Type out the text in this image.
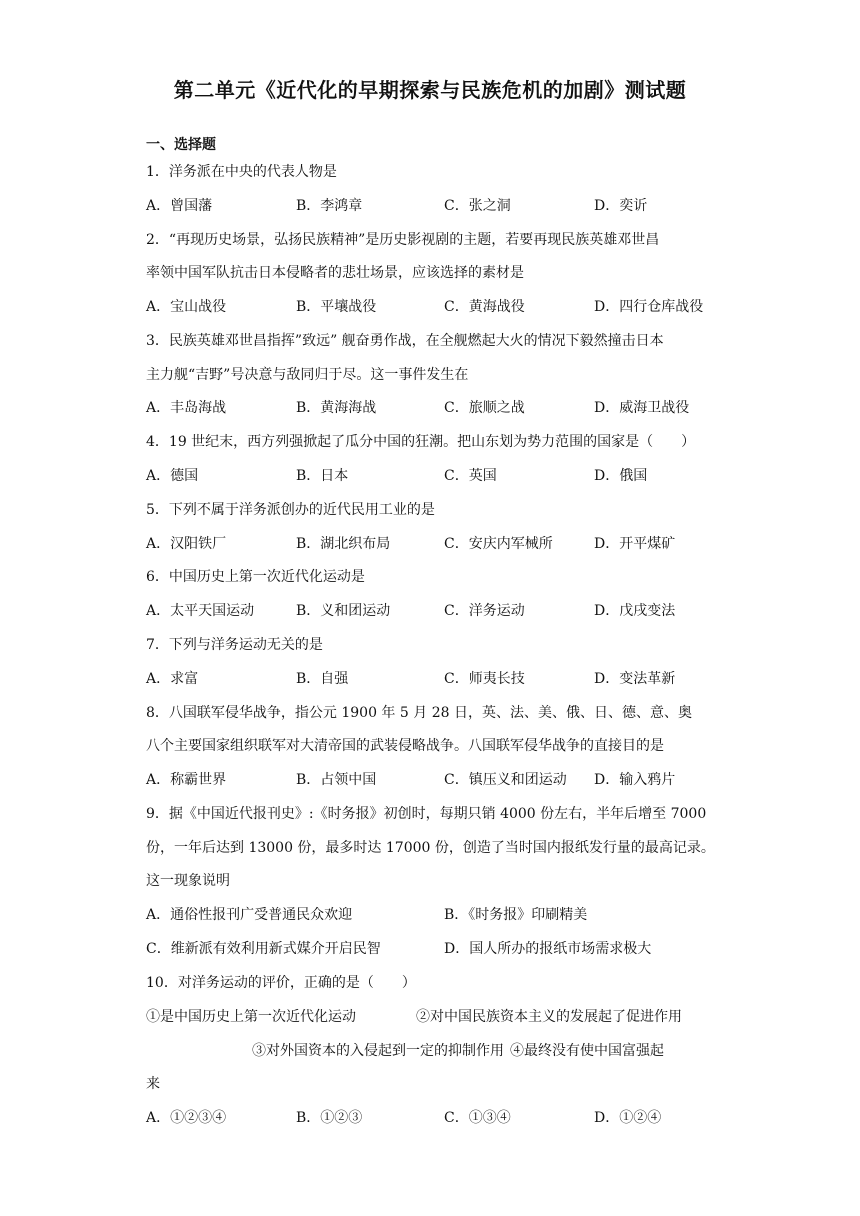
第二单元《近代化的早期探索与民族危机的加剧》测试题
一、选择题
1．洋务派在中央的代表人物是
A．曾国藩	B．李鸿章	C．张之洞	D．奕䜣
2．“再现历史场景，弘扬民族精神”是历史影视剧的主题，若要再现民族英雄邓世昌
率领中国军队抗击日本侵略者的悲壮场景，应该选择的素材是
A．宝山战役	B．平壤战役	C．黄海战役	D．四行仓库战役
3．民族英雄邓世昌指挥”致远” 舰奋勇作战，在全舰燃起大火的情况下毅然撞击日本
主力舰“吉野”号决意与敌同归于尽。这一事件发生在
A．丰岛海战	B．黄海海战	C．旅顺之战	D．威海卫战役
4．19 世纪末，西方列强掀起了瓜分中国的狂潮。把山东划为势力范围的国家是（　　）
A．德国	B．日本	C．英国	D．俄国
5．下列不属于洋务派创办的近代民用工业的是
A．汉阳铁厂	B．湖北织布局	C．安庆内军械所	D．开平煤矿
6．中国历史上第一次近代化运动是
A．太平天国运动	B．义和团运动	C．洋务运动	D．戊戌变法
7．下列与洋务运动无关的是
A．求富	B．自强	C．师夷长技	D．变法革新
8．八国联军侵华战争，指公元 1900 年 5 月 28 日，英、法、美、俄、日、德、意、奥
八个主要国家组织联军对大清帝国的武装侵略战争。八国联军侵华战争的直接目的是
A．称霸世界	B．占领中国	C．镇压义和团运动 D．输入鸦片
9．据《中国近代报刊史》:《时务报》初创时，每期只销 4000 份左右，半年后增至 7000
份，一年后达到 13000 份，最多时达 17000 份，创造了当时国内报纸发行量的最高记录。
这一现象说明
A．通俗性报刊广受普通民众欢迎	B．《时务报》印刷精美
C．维新派有效利用新式媒介开启民智	D．国人所办的报纸市场需求极大
10．对洋务运动的评价，正确的是（　　）
①是中国历史上第一次近代化运动	②对中国民族资本主义的发展起了促进作用
③对外国资本的入侵起到一定的抑制作用 ④最终没有使中国富强起
来
A．①②③④	B．①②③	C．①③④	D．①②④
